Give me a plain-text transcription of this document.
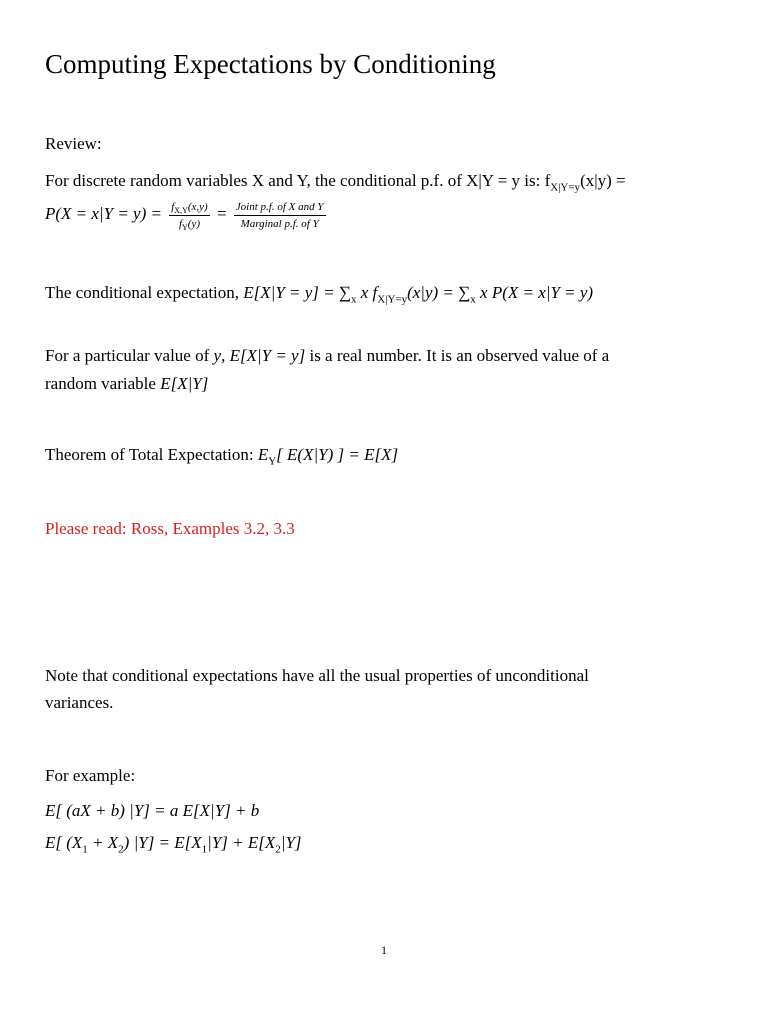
Computing Expectations by Conditioning
Review:
For discrete random variables X and Y, the conditional p.f. of X|Y = y is: $f_{X|Y=y}(x|y)$ =
$P(X = x|Y = y) = \frac{f_{X,Y}(x,y)}{f_Y(y)} = \frac{\text{Joint p.f. of X and Y}}{\text{Marginal p.f. of Y}}$
The conditional expectation, $E[X|Y = y] = \sum_x$ x $f_{X|Y=y}(x|y) = \sum_x$ x P(X = x|Y = y)
For a particular value of y, E[X|Y = y] is a real number. It is an observed value of a
random variable E[X|Y]
Theorem of Total Expectation: $E_Y$[ E(X|Y) ] = E[X]
Please read: Ross, Examples 3.2, 3.3
Note that conditional expectations have all the usual properties of unconditional
variances.
For example:
E[ (aX + b) |Y] = a E[X|Y] + b
E[ $(X_1 + X_2) |Y] = E[X_1|Y] + E[X_2|Y]$
1
